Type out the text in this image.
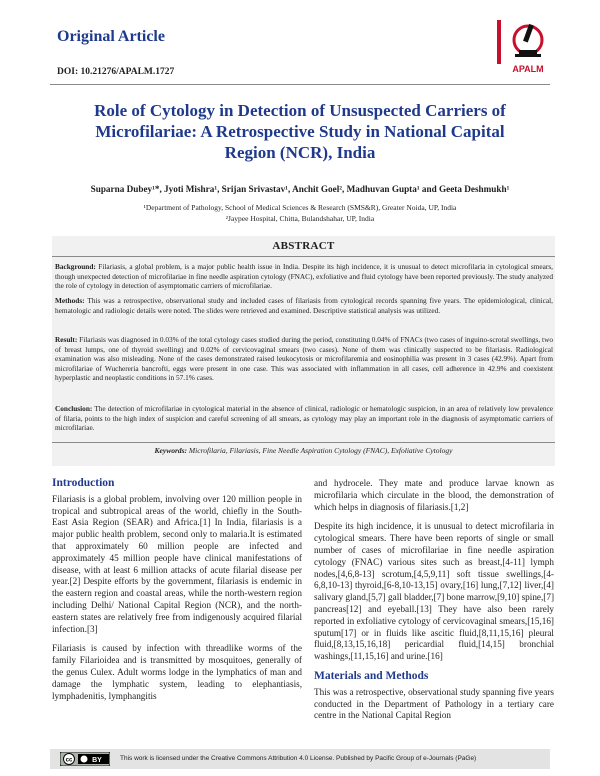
Original Article
DOI: 10.21276/APALM.1727	APALM
Role of Cytology in Detection of Unsuspected Carriers of
Microfilariae: A Retrospective Study in National Capital
Region (NCR), India
Suparna Dubey¹*, Jyoti Mishra¹, Srijan Srivastav¹, Anchit Goel², Madhuvan Gupta¹ and Geeta Deshmukh¹
¹Department of Pathology, School of Medical Sciences & Research (SMS&R), Greater Noida, UP, India
²Jaypee Hospital, Chitta, Bulandshahar, UP, India
ABSTRACT
Background: Filariasis, a global problem, is a major public health issue in India. Despite its high incidence, it is unusual to detect microfilaria in cytological smears, though unexpected detection of microfilariae in fine needle aspiration cytology (FNAC), exfoliative and fluid cytology have been reported previously. The study analyzed the role of cytology in detection of asymptomatic carriers of microfilariae.
Methods: This was a retrospective, observational study and included cases of filariasis from cytological records spanning five years. The epidemiological, clinical, hematologic and radiologic details were noted. The slides were retrieved and examined. Descriptive statistical analysis was utilized.
Result: Filariasis was diagnosed in 0.03% of the total cytology cases studied during the period, constituting 0.04% of FNACs (two cases of inguino-scrotal swellings, two of breast lumps, one of thyroid swelling) and 0.02% of cervicovaginal smears (two cases). None of them was clinically suspected to be filariasis. Radiological examination was also misleading. None of the cases demonstrated raised leukocytosis or microfilaremia and eosinophilia was present in 3 cases (42.9%). Apart from microfilariae of Wuchereria bancrofti, eggs were present in one case. This was associated with inflammation in all cases, cell adherence in 42.9% and coexistent hyperplastic and neoplastic conditions in 57.1% cases.
Conclusion: The detection of microfilariae in cytological material in the absence of clinical, radiologic or hematologic suspicion, in an area of relatively low prevalence of filaria, points to the high index of suspicion and careful screening of all smears, as cytology may play an important role in the diagnosis of asymptomatic carriers of microfilariae.
Keywords: Microfilaria, Filariasis, Fine Needle Aspiration Cytology (FNAC), Exfoliative Cytology
Introduction

Filariasis is a global problem, involving over 120 million people in tropical and subtropical areas of the world, chiefly in the South-East Asia Region (SEAR) and Africa.[1] In India, filariasis is a major public health problem, second only to malaria.It is estimated that approximately 60 million people are infected and approximately 45 million people have clinical manifestations of disease, with at least 6 million attacks of acute filarial disease per year.[2] Despite efforts by the government, filariasis is endemic in the eastern region and coastal areas, while the north-western region including Delhi/ National Capital Region (NCR), and the north-eastern states are relatively free from indigenously acquired filarial infection.[3]

Filariasis is caused by infection with threadlike worms of the family Filarioidea and is transmitted by mosquitoes, generally of the genus Culex. Adult worms lodge in the lymphatics of man and damage the lymphatic system, leading to elephantiasis, lymphadenitis, lymphangitis

and hydrocele. They mate and produce larvae known as microfilaria which circulate in the blood, the demonstration of which helps in diagnosis of filariasis.[1,2]

Despite its high incidence, it is unusual to detect microfilaria in cytological smears. There have been reports of single or small number of cases of microfilariae in fine needle aspiration cytology (FNAC) various sites such as breast,[4-11] lymph nodes,[4,6,8-13] scrotum,[4,5,9,11] soft tissue swellings,[4-6,8,10-13] thyroid,[6-8,10-13,15] ovary,[16] lung,[7,12] liver,[4] salivary gland,[5,7] gall bladder,[7] bone marrow,[9,10] spine,[7] pancreas[12] and eyeball.[13] They have also been rarely reported in exfoliative cytology of cervicovaginal smears,[15,16] sputum[17] or in fluids like ascitic fluid,[8,11,15,16] pleural fluid,[8,13,15,16,18] pericardial fluid,[14,15] bronchial washings,[11,15,16] and urine.[16]

Materials and Methods

This was a retrospective, observational study spanning five years conducted in the Department of Pathology in a tertiary care centre in the National Capital Region

cc	BY	This work is licensed under the Creative Commons Attribution 4.0 License. Published by Pacific Group of e-Journals (PaGe)
